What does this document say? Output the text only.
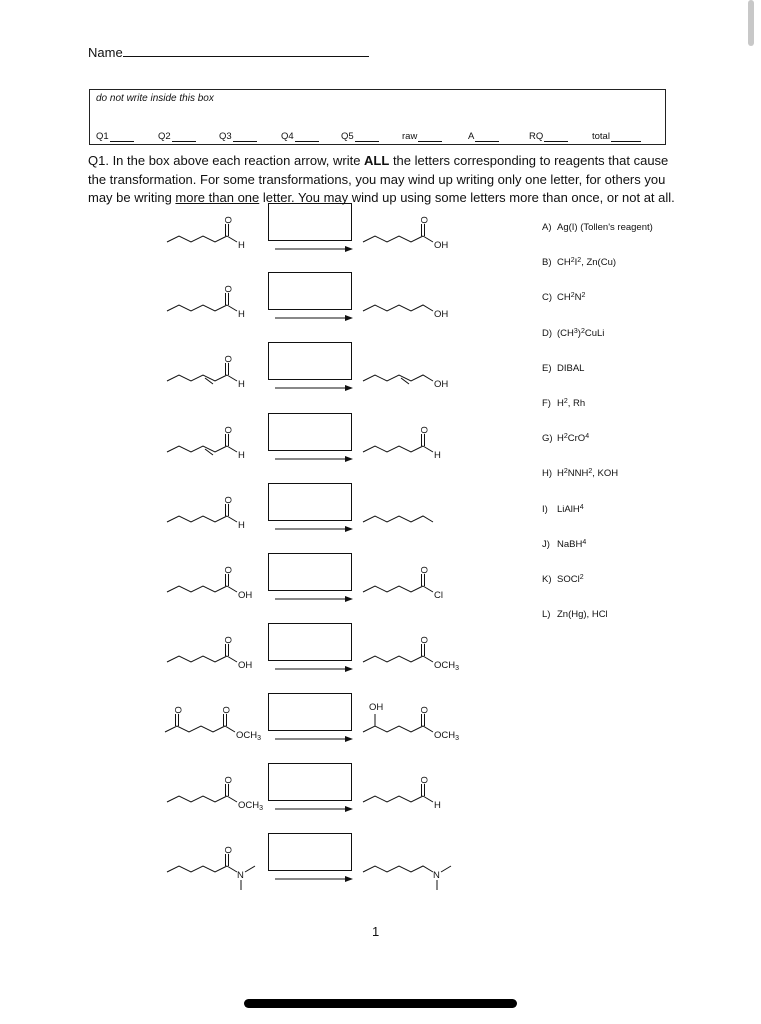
Name
do not write inside this box
Q1	Q2	Q3	Q4	Q5	raw	A	RQ	total
Q1. In the box above each reaction arrow, write ALL the letters corresponding to reagents that cause the transformation. For some transformations, you may wind up writing only one letter, for others you may be writing more than one letter. You may wind up using some letters more than once, or not at all.
A) Ag(I) (Tollen's reagent)
B) $CH^2$ $I^2$ , Zn(Cu)
C) $CH^2$ $N^2$
D) ($CH^3$ )$^2$ CuLi
E) DIBAL
F) $H^2$ , Rh
G) $H^2$ CrO$^4$
H) $H^2$ NNH$^2$ , KOH
I) LiAlH$^4$
J) NaBH$^4$
K) SOCl$^2$
L) Zn(Hg), HCl
O
H
O
OH
O
H	OH
O
H	OH
O
H
O
H
O
H
O
OH
O
Cl
O
OH
O
$OCH_3$
O	O
$OCH_3$
OH	O
$OCH_3$
O
$OCH_3$
O
H
O
N	N
1
